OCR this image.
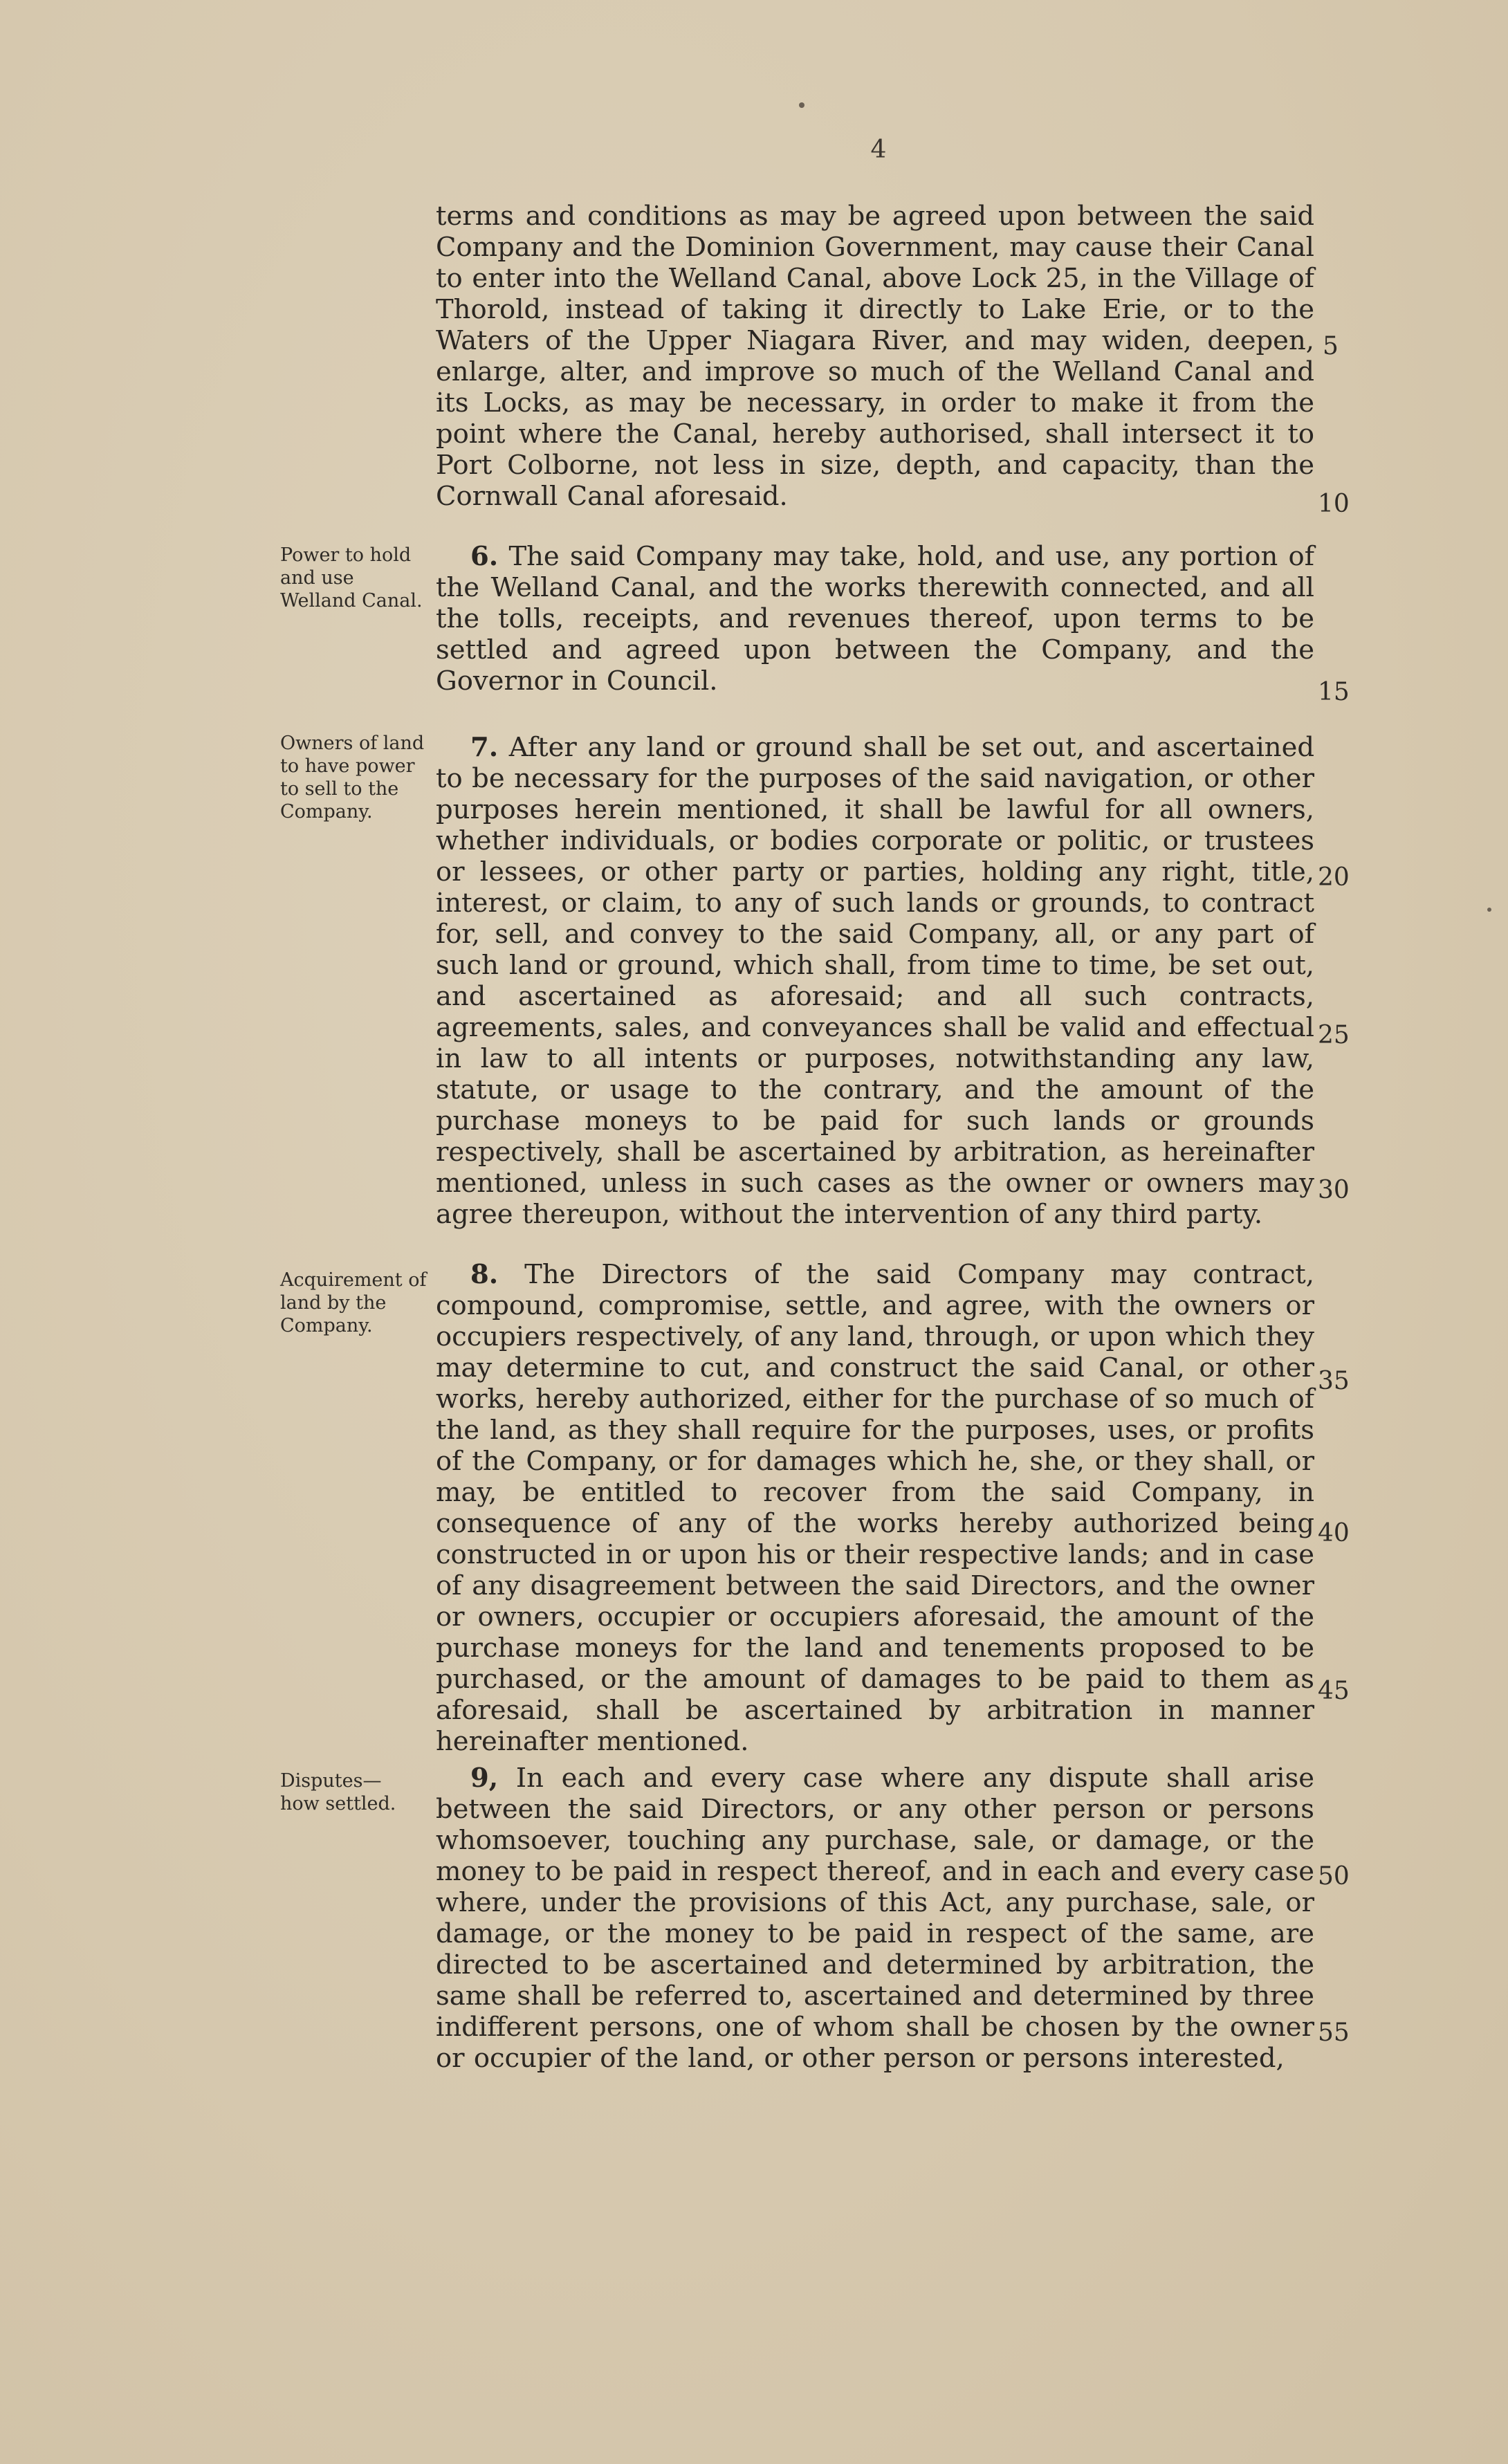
4

terms and conditions as may be agreed upon between the said Company and the Dominion Government, may cause their Canal to enter into the Welland Canal, above Lock 25, in the Village of Thorold, instead of taking it directly to Lake Erie, or to the Waters of the Upper Niagara River, and may widen, deepen, enlarge, alter, and improve so much of the Welland Canal and its Locks, as may be necessary, in order to make it from the point where the Canal, hereby authorised, shall intersect it to Port Colborne, not less in size, depth, and capacity, than the Cornwall Canal aforesaid.

Power to hold and use Welland Canal.

6. The said Company may take, hold, and use, any portion of the Welland Canal, and the works therewith connected, and all the tolls, receipts, and revenues thereof, upon terms to be settled and agreed upon between the Company, and the Governor in Council.

Owners of land to have power to sell to the Company.

7. After any land or ground shall be set out, and ascertained to be necessary for the purposes of the said navigation, or other purposes herein mentioned, it shall be lawful for all owners, whether individuals, or bodies corporate or politic, or trustees or lessees, or other party or parties, holding any right, title, interest, or claim, to any of such lands or grounds, to contract for, sell, and convey to the said Company, all, or any part of such land or ground, which shall, from time to time, be set out, and ascertained as aforesaid; and all such contracts, agreements, sales, and conveyances shall be valid and effectual in law to all intents or purposes, notwithstanding any law, statute, or usage to the contrary, and the amount of the purchase moneys to be paid for such lands or grounds respectively, shall be ascertained by arbitration, as hereinafter mentioned, unless in such cases as the owner or owners may agree thereupon, without the intervention of any third party.

Acquirement of land by the Company.

8. The Directors of the said Company may contract, compound, compromise, settle, and agree, with the owners or occupiers respectively, of any land, through, or upon which they may determine to cut, and construct the said Canal, or other works, hereby authorized, either for the purchase of so much of the land, as they shall require for the purposes, uses, or profits of the Company, or for damages which he, she, or they shall, or may, be entitled to recover from the said Company, in consequence of any of the works hereby authorized being constructed in or upon his or their respective lands; and in case of any disagreement between the said Directors, and the owner or owners, occupier or occupiers aforesaid, the amount of the purchase moneys for the land and tenements proposed to be purchased, or the amount of damages to be paid to them as aforesaid, shall be ascertained by arbitration in manner hereinafter mentioned.

Disputes— how settled.

9, In each and every case where any dispute shall arise between the said Directors, or any other person or persons whomsoever, touching any purchase, sale, or damage, or the money to be paid in respect thereof, and in each and every case where, under the provisions of this Act, any purchase, sale, or damage, or the money to be paid in respect of the same, are directed to be ascertained and determined by arbitration, the same shall be referred to, ascertained and determined by three indifferent persons, one of whom shall be chosen by the owner or occupier of the land, or other person or persons interested,

5
10
15
20
25
30
35
40
45
50
55
